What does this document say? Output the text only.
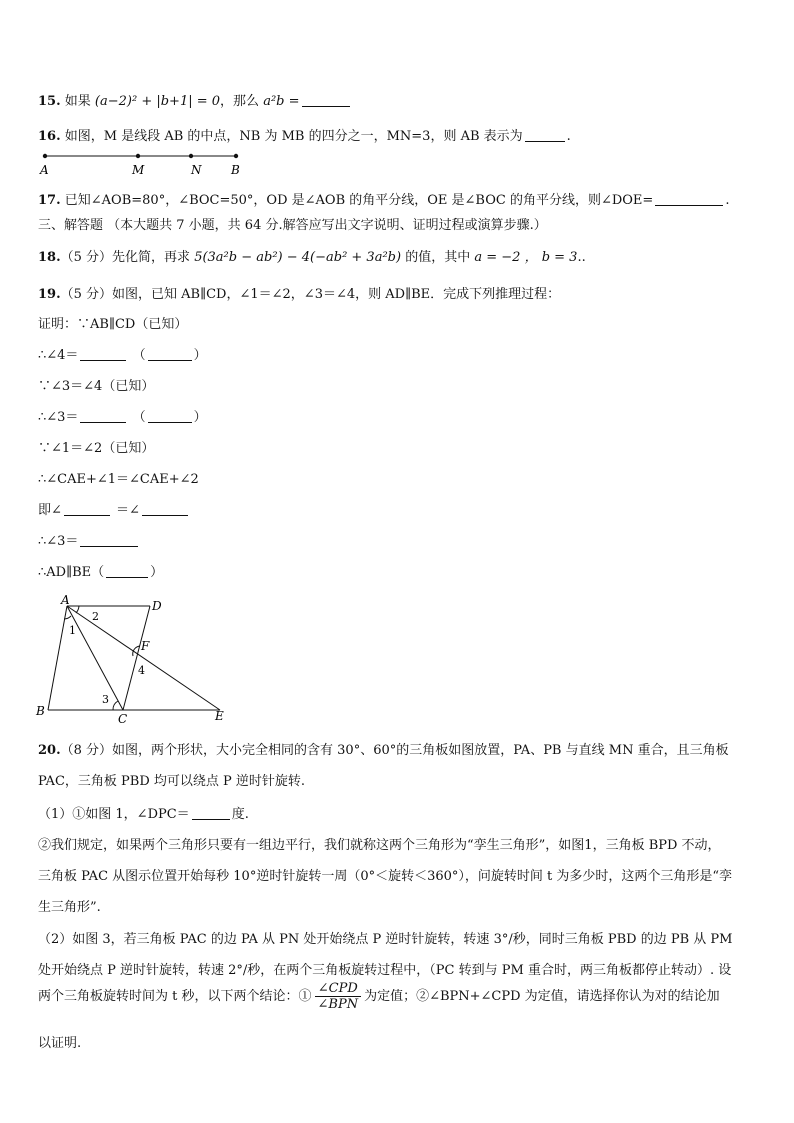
15. 如果 (a−2)² + |b+1| = 0，那么 a²b =
16. 如图，M 是线段 AB 的中点，NB 为 MB 的四分之一，MN=3，则 AB 表示为	.
A	M	N B
17. 已知∠AOB=80°，∠BOC=50°，OD 是∠AOB 的角平分线，OE 是∠BOC 的角平分线，则∠DOE=	.
三、解答题 （本大题共 7 小题，共 64 分.解答应写出文字说明、证明过程或演算步骤.）
18.（5 分）先化简，再求 5(3a²b − ab²) − 4(−ab² + 3a²b) 的值，其中 a = −2 ， b = 3..
19.（5 分）如图，已知 AB∥CD，∠1＝∠2，∠3＝∠4，则 AD∥BE．完成下列推理过程：
证明：∵AB∥CD（已知）
∴∠4＝	（	）
∵∠3＝∠4（已知）
∴∠3＝	（	）
∵∠1＝∠2（已知）
∴∠CAE+∠1＝∠CAE+∠2
即∠	＝∠
∴∠3＝
∴AD∥BE（	）
A	D
F
B
C	E
1
2
3
4
20.（8 分）如图，两个形状，大小完全相同的含有 30°、60°的三角板如图放置，PA、PB 与直线 MN 重合，且三角板
PAC，三角板 PBD 均可以绕点 P 逆时针旋转.
（1）①如图 1，∠DPC＝	度.
②我们规定，如果两个三角形只要有一组边平行，我们就称这两个三角形为“孪生三角形”，如图1，三角板 BPD 不动，
三角板 PAC 从图示位置开始每秒 10°逆时针旋转一周（0°＜旋转＜360°），问旋转时间 t 为多少时，这两个三角形是“孪
生三角形”.
（2）如图 3，若三角板 PAC 的边 PA 从 PN 处开始绕点 P 逆时针旋转，转速 3°/秒，同时三角板 PBD 的边 PB 从 PM
处开始绕点 P 逆时针旋转，转速 2°/秒，在两个三角板旋转过程中，（PC 转到与 PM 重合时，两三角板都停止转动）. 设
两个三角板旋转时间为 t 秒，以下两个结论：① $\frac{\text{∠CPD}}{\text{∠BPN}}$ 为定值；②∠BPN+∠CPD 为定值，请选择你认为对的结论加
以证明.
